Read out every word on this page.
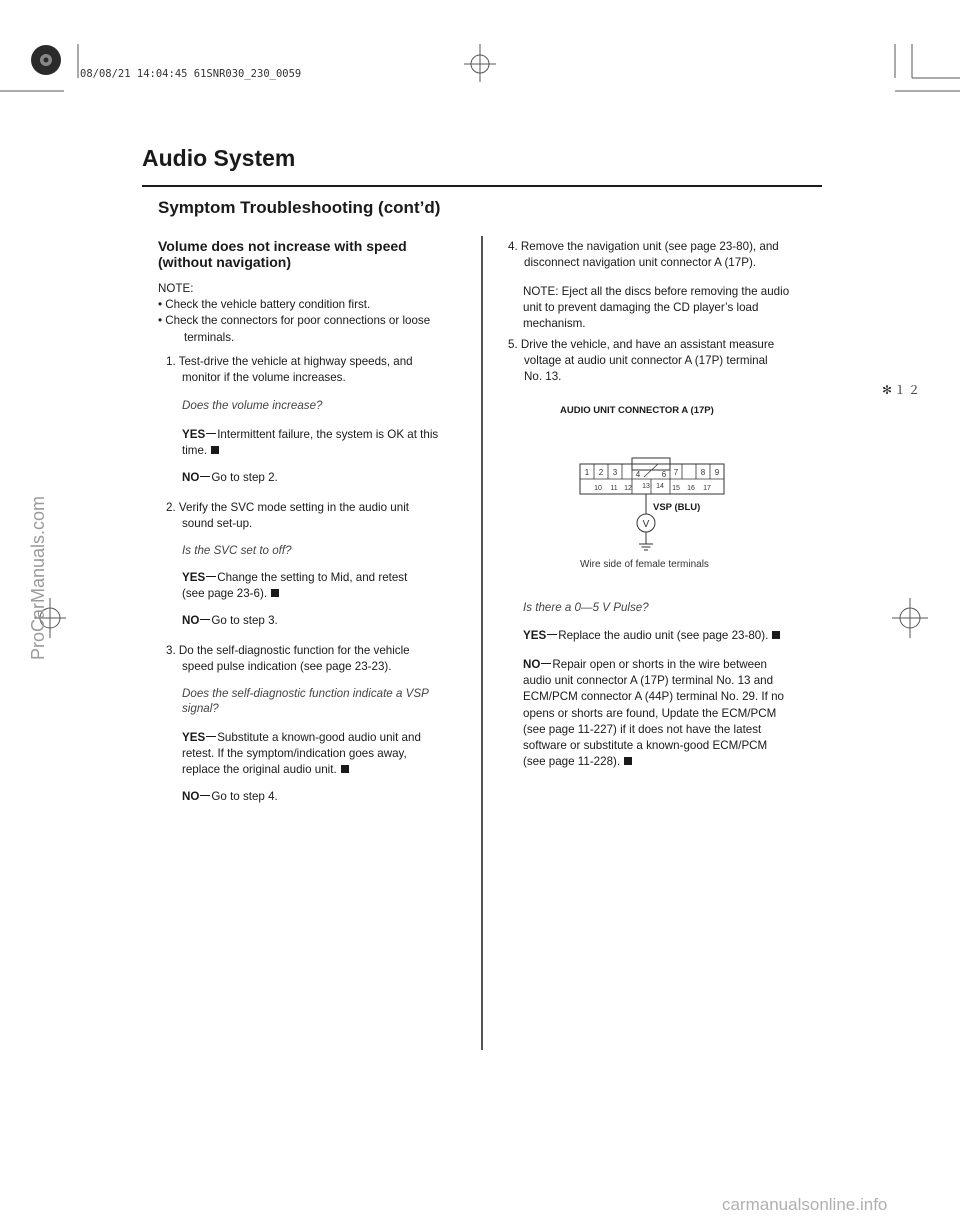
08/08/21 14:04:45 61SNR030_230_0059
Audio System
Symptom Troubleshooting (cont’d)
Volume does not increase with speed
(without navigation)
NOTE:
• Check the vehicle battery condition first.
• Check the connectors for poor connections or loose
terminals.
1. Test-drive the vehicle at highway speeds, and
monitor if the volume increases.
Does the volume increase?
YES Intermittent failure, the system is OK at this
time.
NO Go to step 2.
2. Verify the SVC mode setting in the audio unit
sound set-up.
Is the SVC set to off?
YES Change the setting to Mid, and retest
(see page 23-6).
NO Go to step 3.
3. Do the self-diagnostic function for the vehicle
speed pulse indication (see page 23-23).
Does the self-diagnostic function indicate a VSP
signal?
YES Substitute a known-good audio unit and
retest. If the symptom/indication goes away,
replace the original audio unit.
NO Go to step 4.
4. Remove the navigation unit (see page 23-80), and
disconnect navigation unit connector A (17P).
NOTE: Eject all the discs before removing the audio
unit to prevent damaging the CD player’s load
mechanism.
5. Drive the vehicle, and have an assistant measure
voltage at audio unit connector A (17P) terminal
No. 13.
AUDIO UNIT CONNECTOR A (17P)
1 2 3 4	6 7	8 9
10 11 12 13 14 15 16 17
V
VSP (BLU)
Wire side of female terminals
Is there a 0—5 V Pulse?
YES Replace the audio unit (see page 23-80).
NO Repair open or shorts in the wire between
audio unit connector A (17P) terminal No. 13 and
ECM/PCM connector A (44P) terminal No. 29. If no
opens or shorts are found, Update the ECM/PCM
(see page 11-227) if it does not have the latest
software or substitute a known-good ECM/PCM
(see page 11-228).
✻１２
ProCarManuals.com
carmanualsonline.info
